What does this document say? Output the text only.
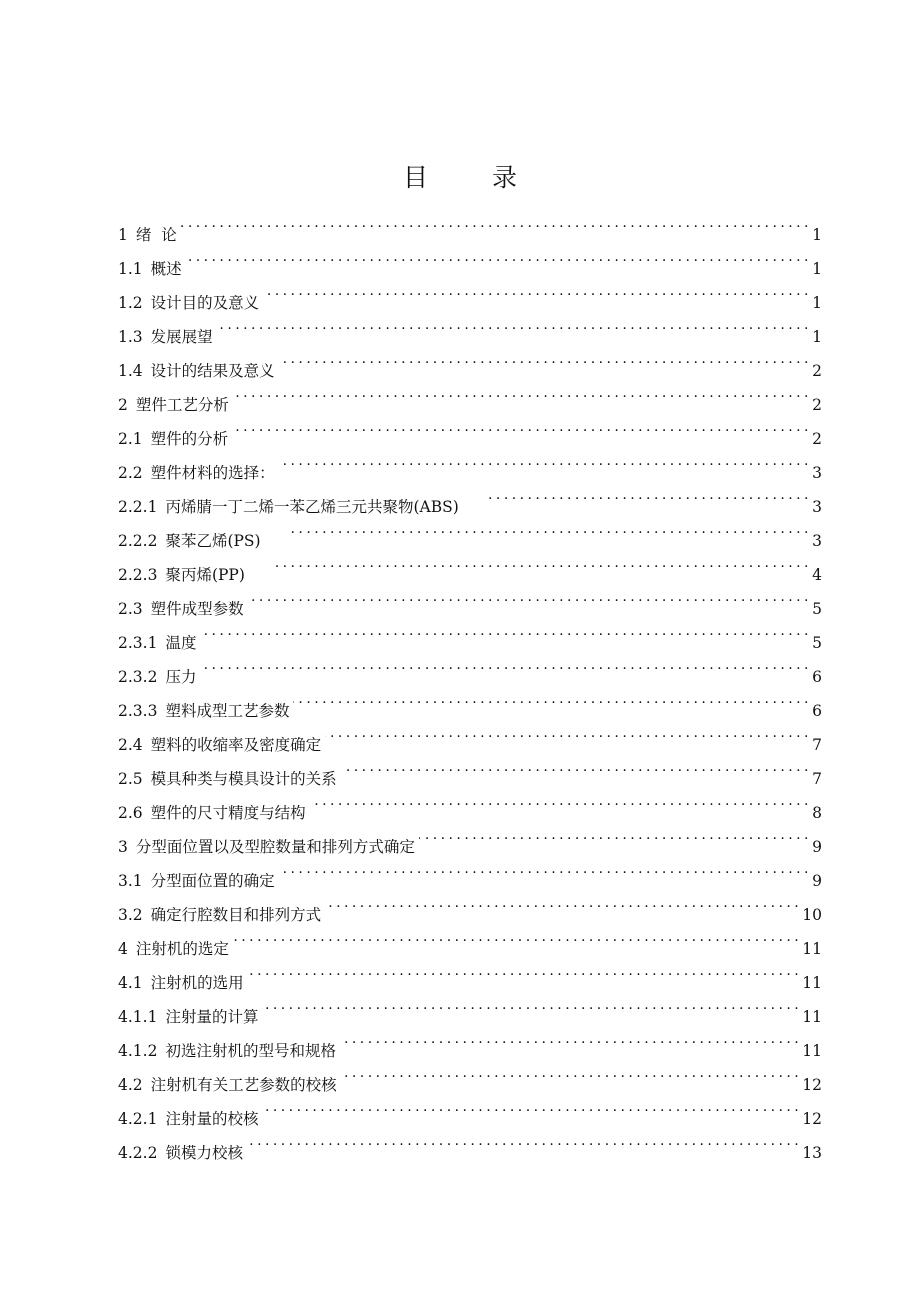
目 录
1 绪  论 . . .	1
1.1 概述 . . .	1
1.2 设计目的及意义 . . .	1
1.3 发展展望 . . .	1
1.4 设计的结果及意义 . . .	2
2 塑件工艺分析 . . .	2
2.1 塑件的分析 . . .	2
2.2 塑件材料的选择： . . .	3
2.2.1 丙烯腈一丁二烯一苯乙烯三元共聚物(ABS) . . .	3
2.2.2 聚苯乙烯(PS) . . .	3
2.2.3 聚丙烯(PP) . . .	4
2.3 塑件成型参数 . . .	5
2.3.1 温度 . . .	5
2.3.2 压力 . . .	6
2.3.3 塑料成型工艺参数 . . .	6
2.4 塑料的收缩率及密度确定 . . .	7
2.5 模具种类与模具设计的关系 . . .	7
2.6 塑件的尺寸精度与结构 . . .	8
3 分型面位置以及型腔数量和排列方式确定 . . .	9
3.1 分型面位置的确定 . . .	9
3.2 确定行腔数目和排列方式 . . .	10
4 注射机的选定 . . .	11
4.1 注射机的选用 . . .	11
4.1.1 注射量的计算 . . .	11
4.1.2 初选注射机的型号和规格 . . .	11
4.2 注射机有关工艺参数的校核 . . .	12
4.2.1 注射量的校核 . . .	12
4.2.2 锁模力校核 . . .	13
